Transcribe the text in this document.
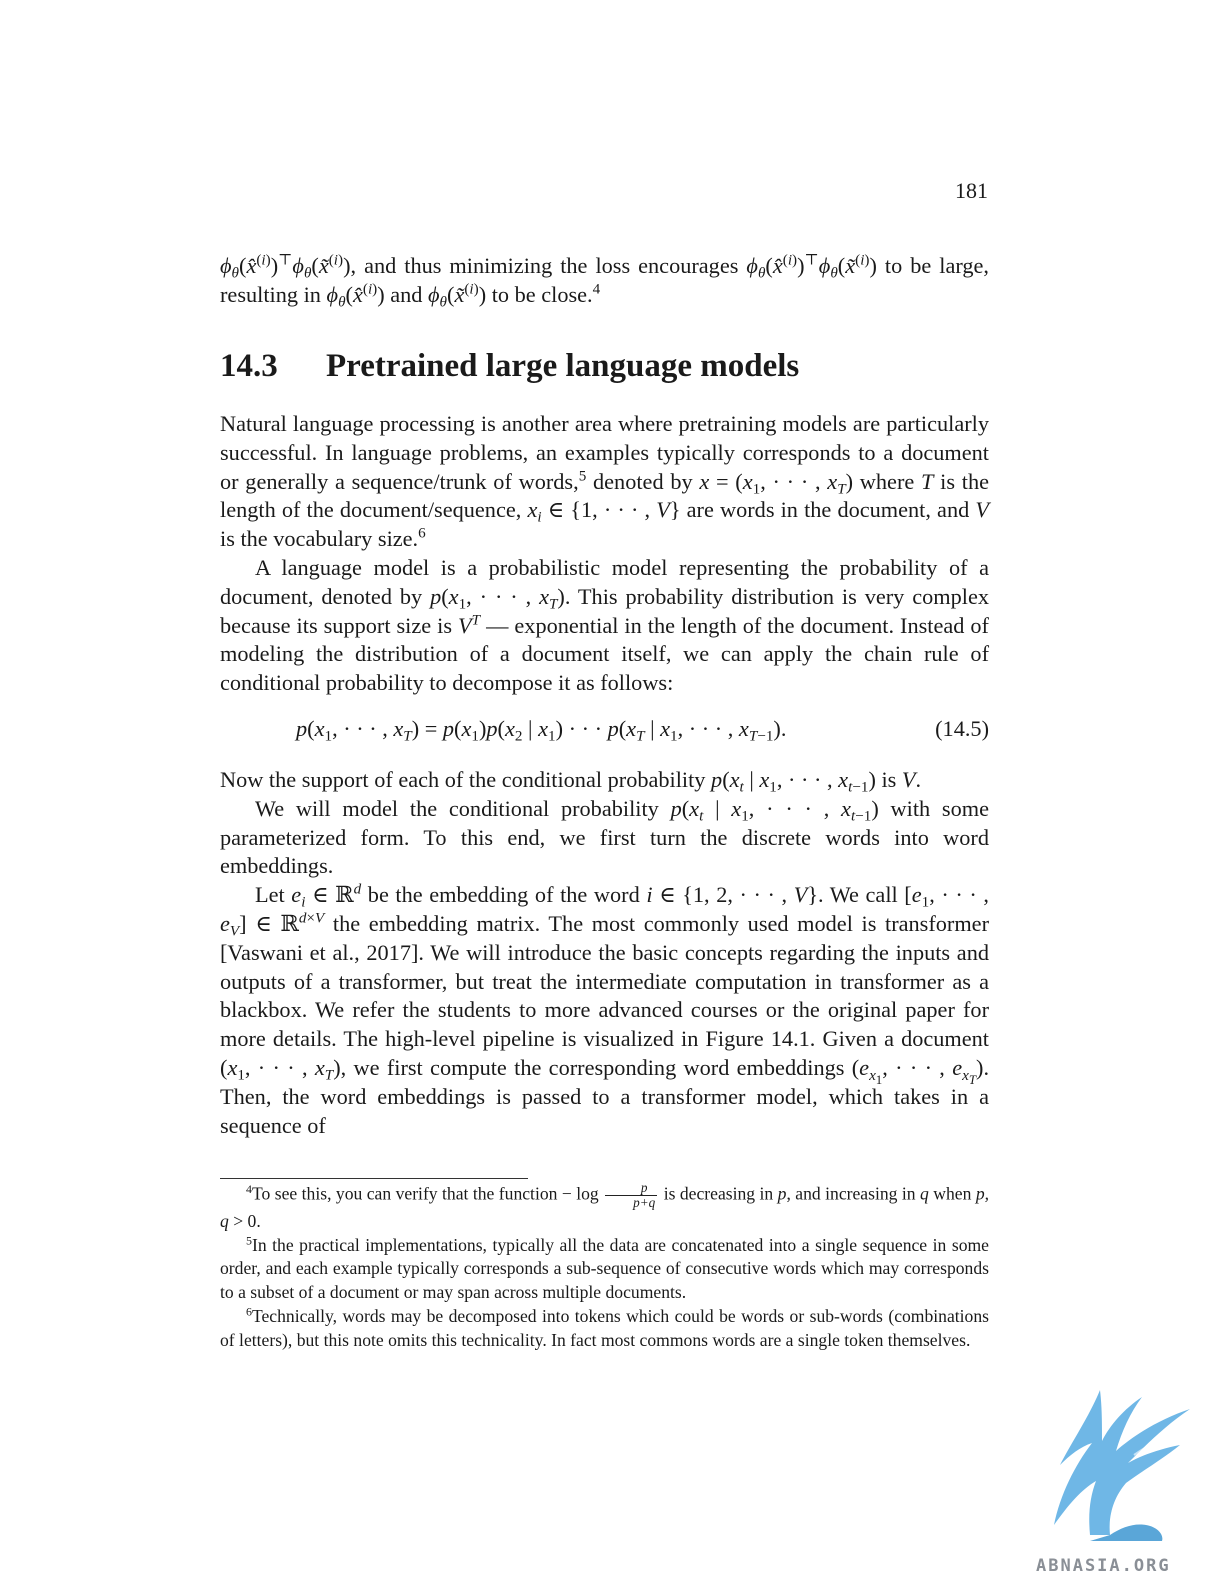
181

$\phi_\theta(x̂^{(i)})^⊤\phi_\theta(x̃^{(i)})$, and thus minimizing the loss encourages $\phi_\theta(x̂^{(i)})^⊤\phi_\theta(x̃^{(i)})$ to be large, resulting in $\phi_\theta(x̂^{(i)})$ and $\phi_\theta(x̃^{(i)})$ to be close.$^4$

14.3 Pretrained large language models

Natural language processing is another area where pretraining models are particularly successful. In language problems, an examples typically corresponds to a document or generally a sequence/trunk of words,$^5$ denoted by $x = (x_1$, · · · , $x_T$) where T is the length of the document/sequence, $x_i$ ∈ {1, · · · , V} are words in the document, and V is the vocabulary size.$^6$

A language model is a probabilistic model representing the probability of a document, denoted by $p(x_1$, · · · , $x_T$). This probability distribution is very complex because its support size is $V^T$ — exponential in the length of the document. Instead of modeling the distribution of a document itself, we can apply the chain rule of conditional probability to decompose it as follows:

$p(x_1$, · · · , $x_T) = p(x_1)p(x_2$ | $x_1$) · · · $p(x_T$ | $x_1$, · · · , $x_{T-1}$).	(14.5)

Now the support of each of the conditional probability $p(x_t$ | $x_1$, · · · , $x_{t-1}$) is V.

We will model the conditional probability $p(x_t$ | $x_1$, · · · , $x_{t-1}$) with some parameterized form. To this end, we first turn the discrete words into word embeddings.

Let $e_i$ ∈ ℝ$^d$ be the embedding of the word i ∈ {1, 2, · · · , V}. We call [$e_1$, · · · , $e_V$] ∈ ℝ$^{d\times V}$ the embedding matrix. The most commonly used model is transformer [Vaswani et al., 2017]. We will introduce the basic concepts regarding the inputs and outputs of a transformer, but treat the intermediate computation in transformer as a blackbox. We refer the students to more advanced courses or the original paper for more details. The high-level pipeline is visualized in Figure 14.1. Given a document ($x_1$, · · · , $x_T$), we first compute the corresponding word embeddings ($e_{x_1}$, · · · , $e_{x_T}$). Then, the word embeddings is passed to a transformer model, which takes in a sequence of

$^4$To see this, you can verify that the function − $\log \frac{p}{p+q}$ is decreasing in p, and increasing in q when p, q > 0.

$^5$In the practical implementations, typically all the data are concatenated into a single sequence in some order, and each example typically corresponds a sub-sequence of consecutive words which may corresponds to a subset of a document or may span across multiple documents.

$^6$Technically, words may be decomposed into tokens which could be words or sub-words (combinations of letters), but this note omits this technicality. In fact most commons words are a single token themselves.

ABNASIA.ORG
